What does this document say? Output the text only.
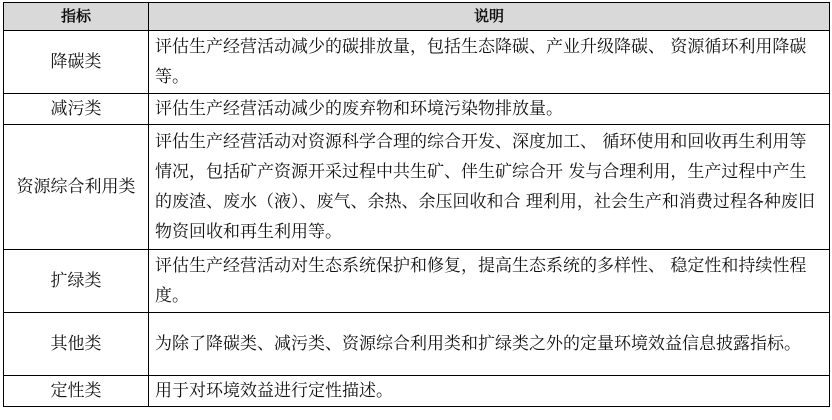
指标	说明
降碳类	评估生产经营活动减少的碳排放量，包括生态降碳、产业升级降碳、 资源循环利用降碳等。
减污类	评估生产经营活动减少的废弃物和环境污染物排放量。
资源综合利用类	评估生产经营活动对资源科学合理的综合开发、深度加工、 循环使用和回收再生利用等情况，包括矿产资源开采过程中共生矿、伴生矿综合开 发与合理利用，生产过程中产生的废渣、废水（液）、废气、余热、余压回收和合 理利用，社会生产和消费过程各种废旧物资回收和再生利用等。
扩绿类	评估生产经营活动对生态系统保护和修复，提高生态系统的多样性、 稳定性和持续性程度。
其他类	为除了降碳类、减污类、资源综合利用类和扩绿类之外的定量环境效益信息披露指标。
定性类	用于对环境效益进行定性描述。
